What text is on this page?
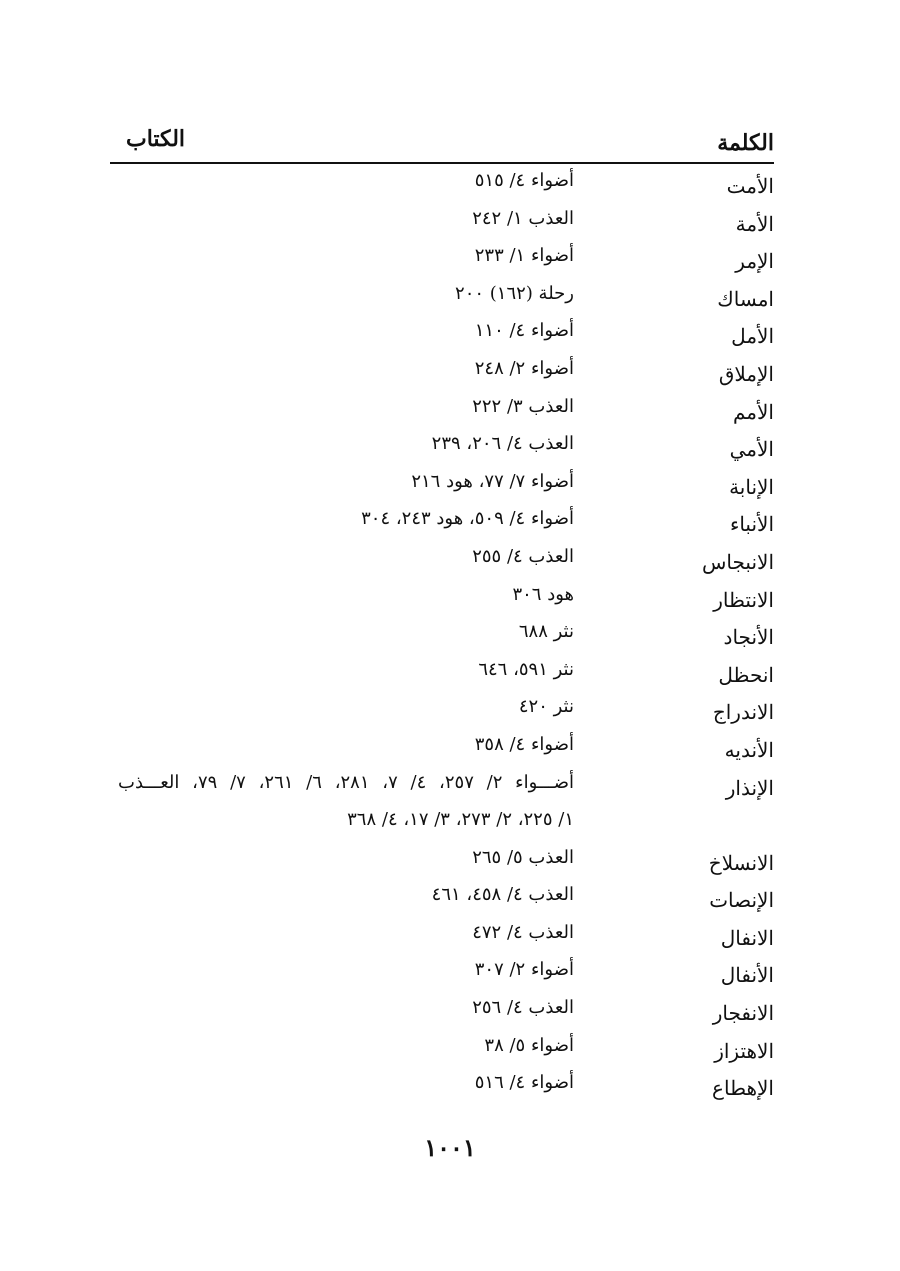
الكلمة
الكتاب
الأمت
أضواء ٤/ ٥١٥
الأمة
العذب ١/ ٢٤٢
الإمر
أضواء ١/ ٢٣٣
امساك
رحلة (١٦٢) ٢٠٠
الأمل
أضواء ٤/ ١١٠
الإملاق
أضواء ٢/ ٢٤٨
الأمم
العذب ٣/ ٢٢٢
الأمي
العذب ٤/ ٢٠٦، ٢٣٩
الإنابة
أضواء ٧/ ٧٧، هود ٢١٦
الأنباء
أضواء ٤/ ٥٠٩، هود ٢٤٣، ٣٠٤
الانبجاس
العذب ٤/ ٢٥٥
الانتظار
هود ٣٠٦
الأنجاد
نثر ٦٨٨
انحظل
نثر ٥٩١، ٦٤٦
الاندراج
نثر ٤٢٠
الأنديه
أضواء ٤/ ٣٥٨
الإنذار
أضـــواء ٢/ ٢٥٧، ٤/ ٧، ٢٨١، ٦/ ٢٦١، ٧/ ٧٩، العـــذب
١/ ٢٢٥، ٢/ ٢٧٣، ٣/ ١٧، ٤/ ٣٦٨
الانسلاخ
العذب ٥/ ٢٦٥
الإنصات
العذب ٤/ ٤٥٨، ٤٦١
الانفال
العذب ٤/ ٤٧٢
الأنفال
أضواء ٢/ ٣٠٧
الانفجار
العذب ٤/ ٢٥٦
الاهتزاز
أضواء ٥/ ٣٨
الإهطاع
أضواء ٤/ ٥١٦
١٠٠١
